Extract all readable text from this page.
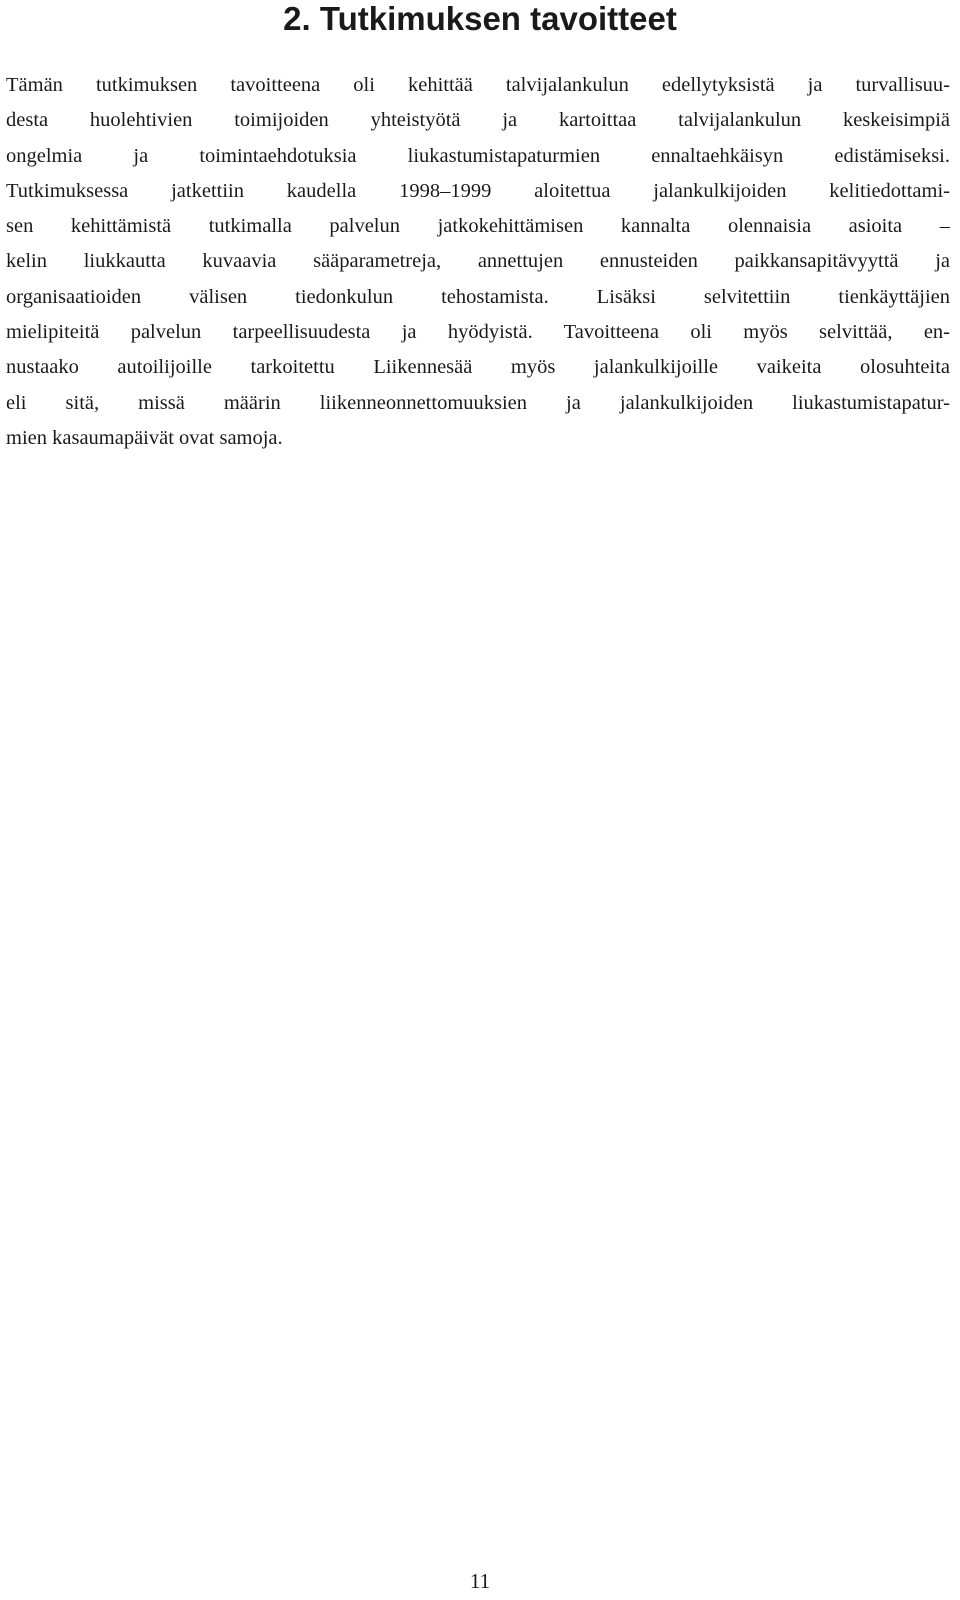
2. Tutkimuksen tavoitteet
Tämän tutkimuksen tavoitteena oli kehittää talvijalankulun edellytyksistä ja turvallisuu-
desta huolehtivien toimijoiden yhteistyötä ja kartoittaa talvijalankulun keskeisimpiä
ongelmia ja toimintaehdotuksia liukastumistapaturmien ennaltaehkäisyn edistämiseksi.
Tutkimuksessa jatkettiin kaudella 1998–1999 aloitettua jalankulkijoiden kelitiedottami-
sen kehittämistä tutkimalla palvelun jatkokehittämisen kannalta olennaisia asioita –
kelin liukkautta kuvaavia sääparametreja, annettujen ennusteiden paikkansapitävyyttä ja
organisaatioiden välisen tiedonkulun tehostamista. Lisäksi selvitettiin tienkäyttäjien
mielipiteitä palvelun tarpeellisuudesta ja hyödyistä. Tavoitteena oli myös selvittää, en-
nustaako autoilijoille tarkoitettu Liikennesää myös jalankulkijoille vaikeita olosuhteita
eli sitä, missä määrin liikenneonnettomuuksien ja jalankulkijoiden liukastumistapatur-
mien kasaumapäivät ovat samoja.
11
